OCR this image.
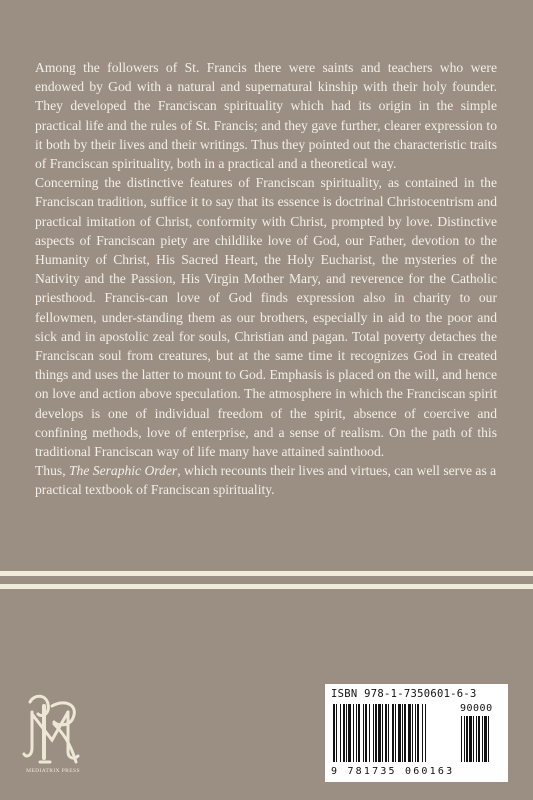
Among the followers of St. Francis there were saints and teachers who were endowed by God with a natural and supernatural kinship with their holy founder. They developed the Franciscan spirituality which had its origin in the simple practical life and the rules of St. Francis; and they gave further, clearer expression to it both by their lives and their writings. Thus they pointed out the characteristic traits of Franciscan spirituality, both in a practical and a theoretical way.

Concerning the distinctive features of Franciscan spirituality, as contained in the Franciscan tradition, suffice it to say that its essence is doctrinal Christocentrism and practical imitation of Christ, conformity with Christ, prompted by love. Distinctive aspects of Franciscan piety are childlike love of God, our Father, devotion to the Humanity of Christ, His Sacred Heart, the Holy Eucharist, the mysteries of the Nativity and the Passion, His Virgin Mother Mary, and reverence for the Catholic priesthood. Francis-can love of God finds expression also in charity to our fellowmen, under-standing them as our brothers, especially in aid to the poor and sick and in apostolic zeal for souls, Christian and pagan. Total poverty detaches the Franciscan soul from creatures, but at the same time it recognizes God in created things and uses the latter to mount to God. Emphasis is placed on the will, and hence on love and action above speculation. The atmosphere in which the Franciscan spirit develops is one of individual freedom of the spirit, absence of coercive and confining methods, love of enterprise, and a sense of realism. On the path of this traditional Franciscan way of life many have attained sainthood.

Thus, The Seraphic Order, which recounts their lives and virtues, can well serve as a practical textbook of Franciscan spirituality.

MEDIATRIX PRESS
ISBN 978-1-7350601-6-3
90000
9 781735 060163
